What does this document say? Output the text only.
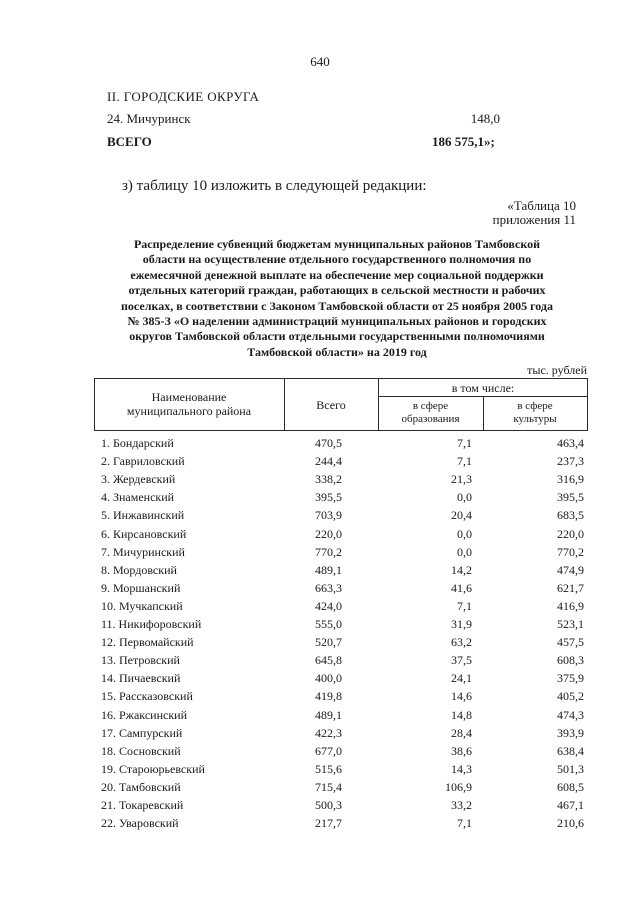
640
II. ГОРОДСКИЕ ОКРУГА
24. Мичуринск	148,0
ВСЕГО	186 575,1»;
з) таблицу 10 изложить в следующей редакции:
«Таблица 10
приложения 11
Распределение субвенций бюджетам муниципальных районов Тамбовской
области на осуществление отдельного государственного полномочия по
ежемесячной денежной выплате на обеспечение мер социальной поддержки
отдельных категорий граждан, работающих в сельской местности и рабочих
поселках, в соответствии с Законом Тамбовской области от 25 ноября 2005 года
№ 385-З «О наделении администраций муниципальных районов и городских
округов Тамбовской области отдельными государственными полномочиями
Тамбовской области» на 2019 год
тыс. рублей
Наименование
муниципального района	Всего
в том числе:
в сфере
образования
в сфере
культуры
1. Бондарский	470,5	7,1	463,4
2. Гавриловский	244,4	7,1	237,3
3. Жердевский	338,2	21,3	316,9
4. Знаменский	395,5	0,0	395,5
5. Инжавинский	703,9	20,4	683,5
6. Кирсановский	220,0	0,0	220,0
7. Мичуринский	770,2	0,0	770,2
8. Мордовский	489,1	14,2	474,9
9. Моршанский	663,3	41,6	621,7
10. Мучкапский	424,0	7,1	416,9
11. Никифоровский	555,0	31,9	523,1
12. Первомайский	520,7	63,2	457,5
13. Петровский	645,8	37,5	608,3
14. Пичаевский	400,0	24,1	375,9
15. Рассказовский	419,8	14,6	405,2
16. Ржаксинский	489,1	14,8	474,3
17. Сампурский	422,3	28,4	393,9
18. Сосновский	677,0	38,6	638,4
19. Староюрьевский	515,6	14,3	501,3
20. Тамбовский	715,4	106,9	608,5
21. Токаревский	500,3	33,2	467,1
22. Уваровский	217,7	7,1	210,6
